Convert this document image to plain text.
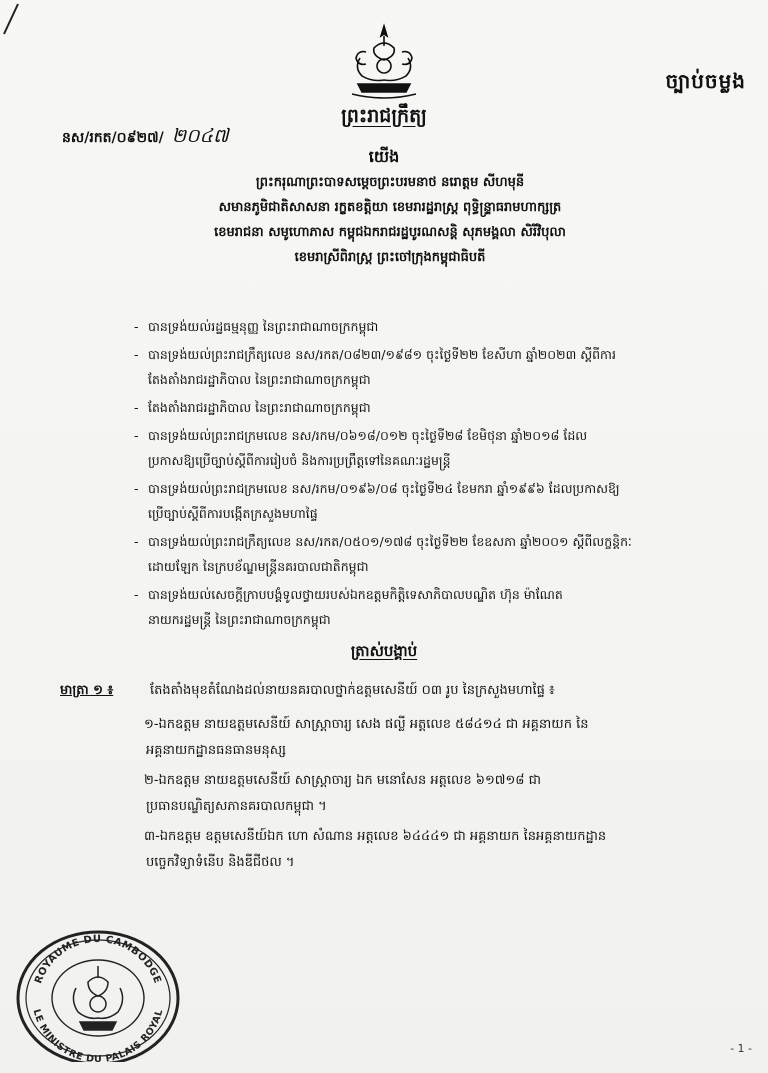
ច្បាប់ចម្លង
ព្រះរាជក្រឹត្យ
នស/រកត/០៩២៧/ ២០៤៧
យើង
ព្រះករុណាព្រះបាទសម្តេចព្រះបរមនាថ នរោត្តម សីហមុនី
សមានភូមិជាតិសាសនា រក្ខតខត្តិយា ខេមរារដ្ឋរាស្ត្រ ពុទ្ធិន្ទ្រាធរាមហាក្សត្រ
ខេមរាជនា សមូហោភាស កម្ពុជឯករាជរដ្ឋបូរណសន្តិ សុភមង្គលា សិរីវិបុលា
ខេមរាស្រីពិរាស្ត្រ ព្រះចៅក្រុងកម្ពុជាធិបតី
- បានទ្រង់យល់រដ្ឋធម្មនុញ្ញ នៃព្រះរាជាណាចក្រកម្ពុជា
- បានទ្រង់យល់ព្រះរាជក្រឹត្យលេខ នស/រកត/០៨២៣/១៩៨១ ចុះថ្ងៃទី២២ ខែសីហា ឆ្នាំ២០២៣ ស្តីពីការ
តែងតាំងរាជរដ្ឋាភិបាល នៃព្រះរាជាណាចក្រកម្ពុជា
- តែងតាំងរាជរដ្ឋាភិបាល នៃព្រះរាជាណាចក្រកម្ពុជា
- បានទ្រង់យល់ព្រះរាជក្រមលេខ នស/រកម/០៦១៨/០១២ ចុះថ្ងៃទី២៨ ខែមិថុនា ឆ្នាំ២០១៨ ដែល
ប្រកាសឱ្យប្រើច្បាប់ស្តីពីការរៀបចំ និងការប្រព្រឹត្តទៅនៃគណៈរដ្ឋមន្ត្រី
- បានទ្រង់យល់ព្រះរាជក្រមលេខ នស/រកម/០១៩៦/០៨ ចុះថ្ងៃទី២៤ ខែមករា ឆ្នាំ១៩៩៦ ដែលប្រកាសឱ្យ
ប្រើច្បាប់ស្តីពីការបង្កើតក្រសួងមហាផ្ទៃ
- បានទ្រង់យល់ព្រះរាជក្រឹត្យលេខ នស/រកត/០៥០១/១៧៨ ចុះថ្ងៃទី២២ ខែឧសភា ឆ្នាំ២០០១ ស្តីពីលក្ខន្តិកៈ
ដោយឡែក នៃក្របខ័ណ្ឌមន្ត្រីនគរបាលជាតិកម្ពុជា
- បានទ្រង់យល់សេចក្តីក្រាបបង្គំទូលថ្វាយរបស់ឯកឧត្តមកិត្តិទេសាភិបាលបណ្ឌិត ហ៊ុន ម៉ាណែត
នាយករដ្ឋមន្ត្រី នៃព្រះរាជាណាចក្រកម្ពុជា
ត្រាស់បង្គាប់
មាត្រា ១ ៖	តែងតាំងមុខតំណែងដល់នាយនគរបាលថ្នាក់ឧត្តមសេនីយ៍ ០៣ រូប នៃក្រសួងមហាផ្ទៃ ៖
១-ឯកឧត្តម នាយឧត្តមសេនីយ៍ សាស្ត្រាចារ្យ សេង ផល្លី អត្តលេខ ៥៨៤១៤ ជា អគ្គនាយក នៃ
អគ្គនាយកដ្ឋានធនធានមនុស្ស
២-ឯកឧត្តម នាយឧត្តមសេនីយ៍ សាស្ត្រាចារ្យ ឯក មនោសែន អត្តលេខ ៦១៧១៨ ជា
ប្រធានបណ្ឌិត្យសភានគរបាលកម្ពុជា ។
៣-ឯកឧត្តម ឧត្តមសេនីយ៍ឯក ហោ សំណាន អត្តលេខ ៦៤៤៤១ ជា អគ្គនាយក នៃអគ្គនាយកដ្ឋាន
បច្ចេកវិទ្យាទំនើប និងឌីជីថល ។
ROYAUME DU CAMBODGE
LE MINISTRE DU PALAIS ROYAL
- 1 -
